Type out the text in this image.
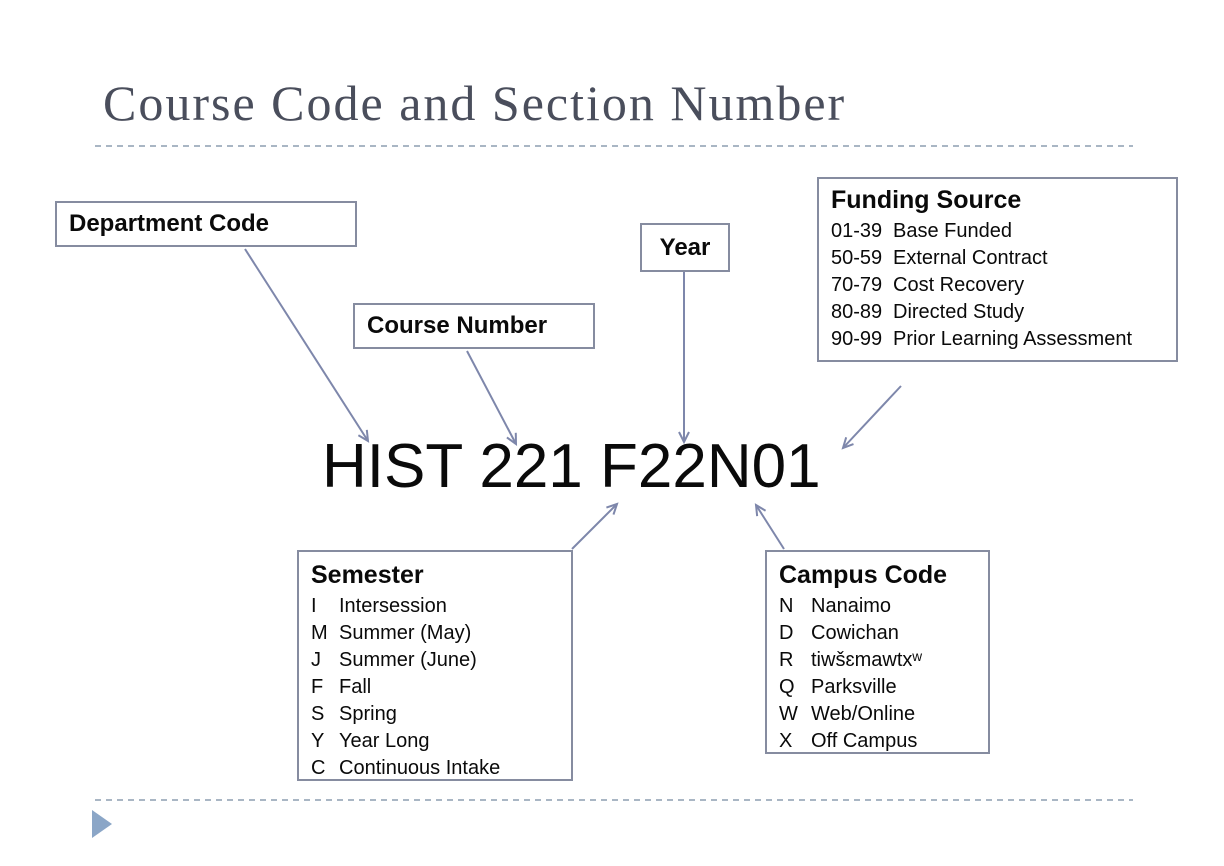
Course Code and Section Number
Department Code
Course Number
Year
Funding Source
01-39 Base Funded
50-59 External Contract
70-79 Cost Recovery
80-89 Directed Study
90-99 Prior Learning Assessment
Semester
I	Intersession
M Summer (May)
J Summer (June)
F Fall
S Spring
Y Year Long
C Continuous Intake
Campus Code
N Nanaimo
D Cowichan
R tiwšɛmawtxʷ
Q Parksville
W Web/Online
X Off Campus
HIST 221 F22N01
